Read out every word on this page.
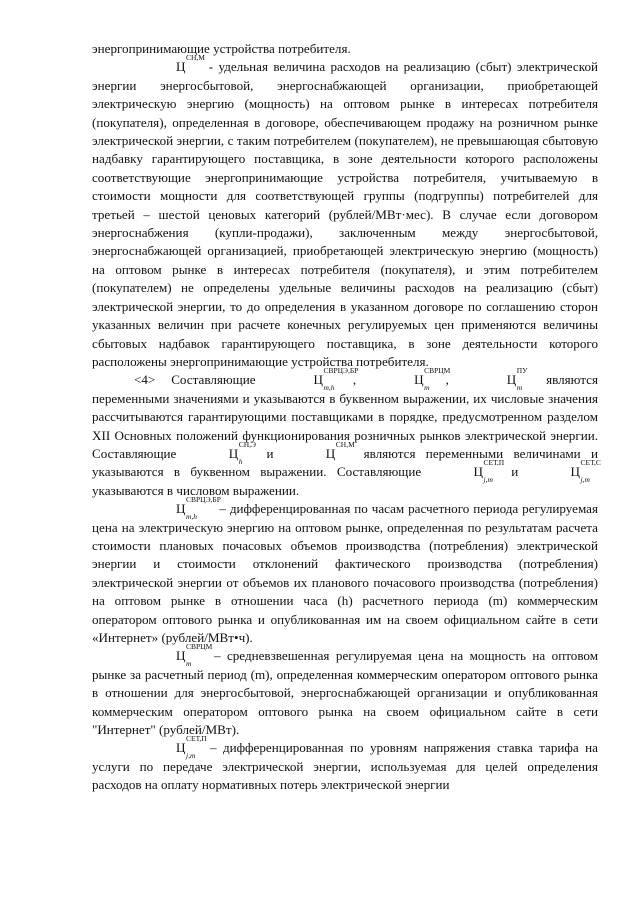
энергопринимающие устройства потребителя.

Ц
СН,М
- удельная величина расходов на реализацию (сбыт) электрической энергии энергосбытовой, энергоснабжающей организации, приобретающей электрическую энергию (мощность) на оптовом рынке в интересах потребителя (покупателя), определенная в договоре, обеспечивающем продажу на розничном рынке электрической энергии, с таким потребителем (покупателем), не превышающая сбытовую надбавку гарантирующего поставщика, в зоне деятельности которого расположены соответствующие энергопринимающие устройства потребителя, учитываемую в стоимости мощности для соответствующей группы (подгруппы) потребителей для третьей – шестой ценовых категорий (рублей/МВт·мес). В случае если договором энергоснабжения (купли-продажи), заключенным между энергосбытовой, энергоснабжающей организацией, приобретающей электрическую энергию (мощность) на оптовом рынке в интересах потребителя (покупателя), и этим потребителем (покупателем) не определены удельные величины расходов на реализацию (сбыт) электрической энергии, то до определения в указанном договоре по соглашению сторон указанных величин при расчете конечных регулируемых цен применяются величины сбытовых надбавок гарантирующего поставщика, в зоне деятельности которого расположены энергопринимающие устройства потребителя.

<4> Составляющие	Ц
СВРЦЭ,БР
m,h
,	Ц
СВРЦМ
m
,	Ц
ПУ
m
являются переменными значениями и указываются в буквенном выражении, их числовые значения рассчитываются гарантирующими поставщиками в порядке, предусмотренном разделом XII Основных положений функционирования розничных рынков электрической энергии. Составляющие	Ц
СН,Э
h
и	Ц
СН,М
являются переменными величинами и указываются в буквенном выражении. Составляющие	Ц
СЕТ,П
j,m
и	Ц
СЕТ,С
j,m
указываются в числовом выражении.

Ц
СВРЦЭ,БР
m,h
– дифференцированная по часам расчетного периода регулируемая цена на электрическую энергию на оптовом рынке, определенная по результатам расчета стоимости плановых почасовых объемов производства (потребления) электрической энергии и стоимости отклонений фактического производства (потребления) электрической энергии от объемов их планового почасового производства (потребления) на оптовом рынке в отношении часа (h) расчетного периода (m) коммерческим оператором оптового рынка и опубликованная им на своем официальном сайте в сети «Интернет» (рублей/МВт•ч).

Ц
СВРЦМ
m
– средневзвешенная регулируемая цена на мощность на оптовом рынке за расчетный период (m), определенная коммерческим оператором оптового рынка в отношении для энергосбытовой, энергоснабжающей организации и опубликованная коммерческим оператором оптового рынка на своем официальном сайте в сети "Интернет" (рублей/МВт).

Ц
СЕТ,П
j,m
– дифференцированная по уровням напряжения ставка тарифа на услуги по передаче электрической энергии, используемая для целей определения расходов на оплату нормативных потерь электрической энергии
